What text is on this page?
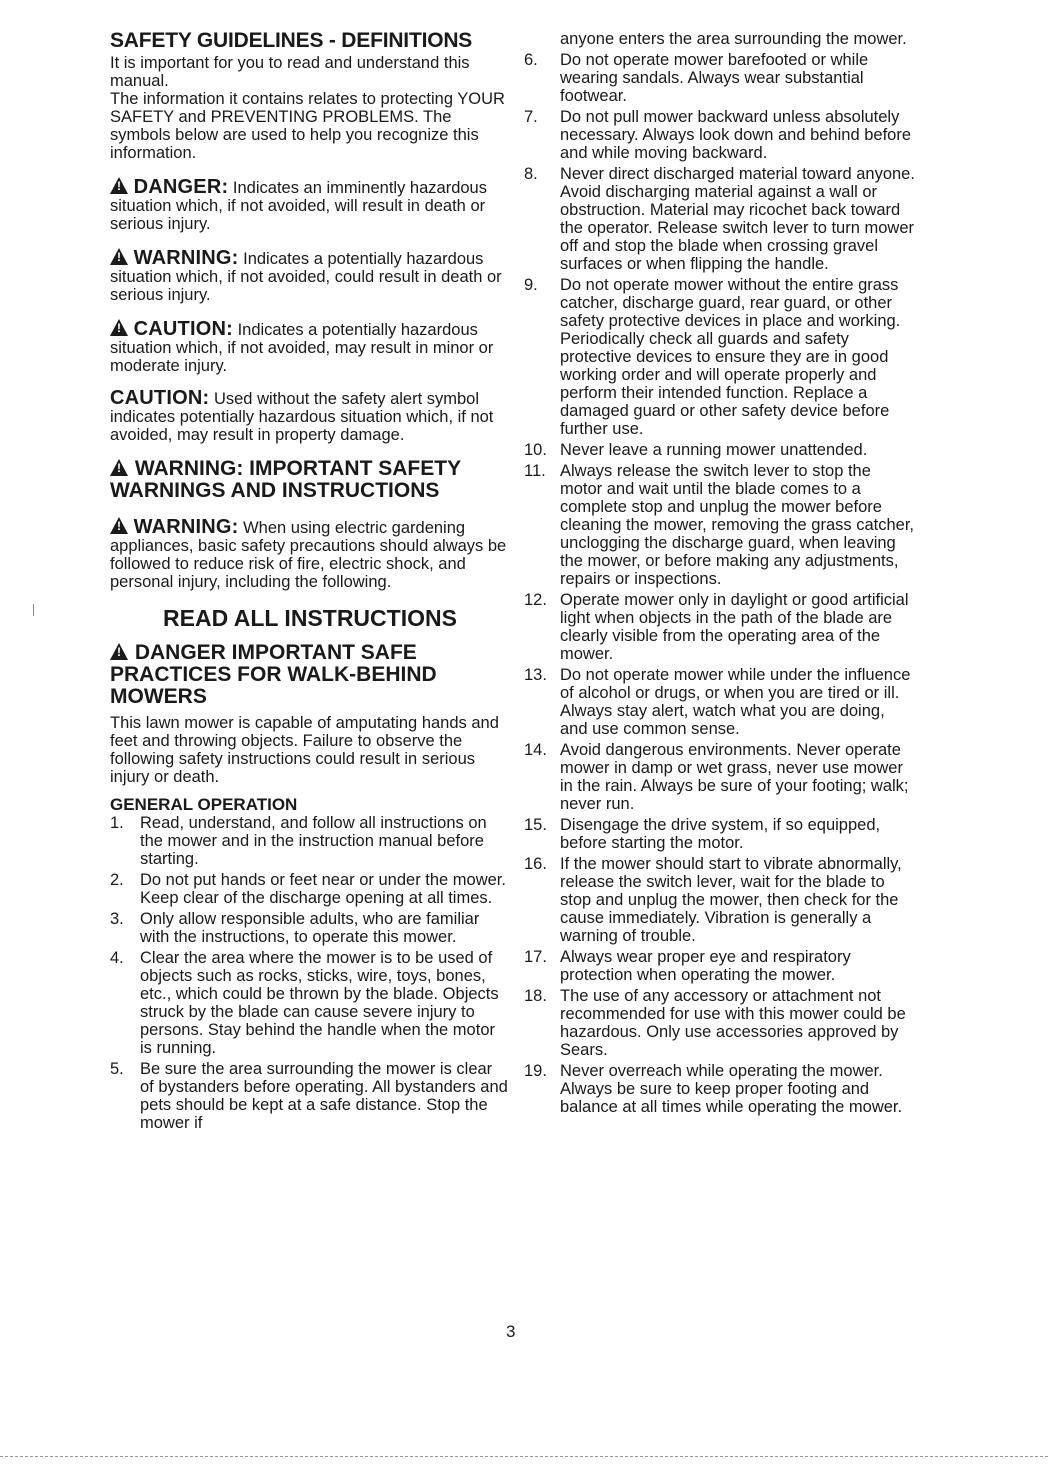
SAFETY GUIDELINES - DEFINITIONS

It is important for you to read and understand this manual.

The information it contains relates to protecting YOUR SAFETY and PREVENTING PROBLEMS. The symbols below are used to help you recognize this information.

! DANGER: Indicates an imminently hazardous situation which, if not avoided, will result in death or serious injury.

! WARNING: Indicates a potentially hazardous situation which, if not avoided, could result in death or serious injury.

! CAUTION: Indicates a potentially hazardous situation which, if not avoided, may result in minor or moderate injury.

CAUTION: Used without the safety alert symbol indicates potentially hazardous situation which, if not avoided, may result in property damage.

! WARNING: IMPORTANT SAFETY WARNINGS AND INSTRUCTIONS

! WARNING: When using electric gardening appliances, basic safety precautions should always be followed to reduce risk of fire, electric shock, and personal injury, including the following.

READ ALL INSTRUCTIONS
! DANGER IMPORTANT SAFE PRACTICES FOR WALK-BEHIND MOWERS

This lawn mower is capable of amputating hands and feet and throwing objects. Failure to observe the following safety instructions could result in serious injury or death.

GENERAL OPERATION
1. Read, understand, and follow all instructions on the mower and in the instruction manual before starting.
2. Do not put hands or feet near or under the mower. Keep clear of the discharge opening at all times.
3. Only allow responsible adults, who are familiar with the instructions, to operate this mower.
4. Clear the area where the mower is to be used of objects such as rocks, sticks, wire, toys, bones, etc., which could be thrown by the blade. Objects struck by the blade can cause severe injury to persons. Stay behind the handle when the motor is running.
5. Be sure the area surrounding the mower is clear of bystanders before operating. All bystanders and pets should be kept at a safe distance. Stop the mower if
anyone enters the area surrounding the mower.
6.	Do not operate mower barefooted or while wearing sandals. Always wear substantial footwear.
7.	Do not pull mower backward unless absolutely necessary. Always look down and behind before and while moving backward.
8.	Never direct discharged material toward anyone. Avoid discharging material against a wall or obstruction. Material may ricochet back toward the operator. Release switch lever to turn mower off and stop the blade when crossing gravel surfaces or when flipping the handle.
9.	Do not operate mower without the entire grass catcher, discharge guard, rear guard, or other safety protective devices in place and working. Periodically check all guards and safety protective devices to ensure they are in good working order and will operate properly and perform their intended function. Replace a damaged guard or other safety device before further use.
10. Never leave a running mower unattended.
11. Always release the switch lever to stop the motor and wait until the blade comes to a complete stop and unplug the mower before cleaning the mower, removing the grass catcher, unclogging the discharge guard, when leaving the mower, or before making any adjustments, repairs or inspections.
12. Operate mower only in daylight or good artificial light when objects in the path of the blade are clearly visible from the operating area of the mower.
13. Do not operate mower while under the influence of alcohol or drugs, or when you are tired or ill. Always stay alert, watch what you are doing, and use common sense.
14. Avoid dangerous environments. Never operate mower in damp or wet grass, never use mower in the rain. Always be sure of your footing; walk; never run.
15. Disengage the drive system, if so equipped, before starting the motor.
16. If the mower should start to vibrate abnormally, release the switch lever, wait for the blade to stop and unplug the mower, then check for the cause immediately. Vibration is generally a warning of trouble.
17. Always wear proper eye and respiratory protection when operating the mower.
18. The use of any accessory or attachment not recommended for use with this mower could be hazardous. Only use accessories approved by Sears.
19. Never overreach while operating the mower. Always be sure to keep proper footing and balance at all times while operating the mower.
3
